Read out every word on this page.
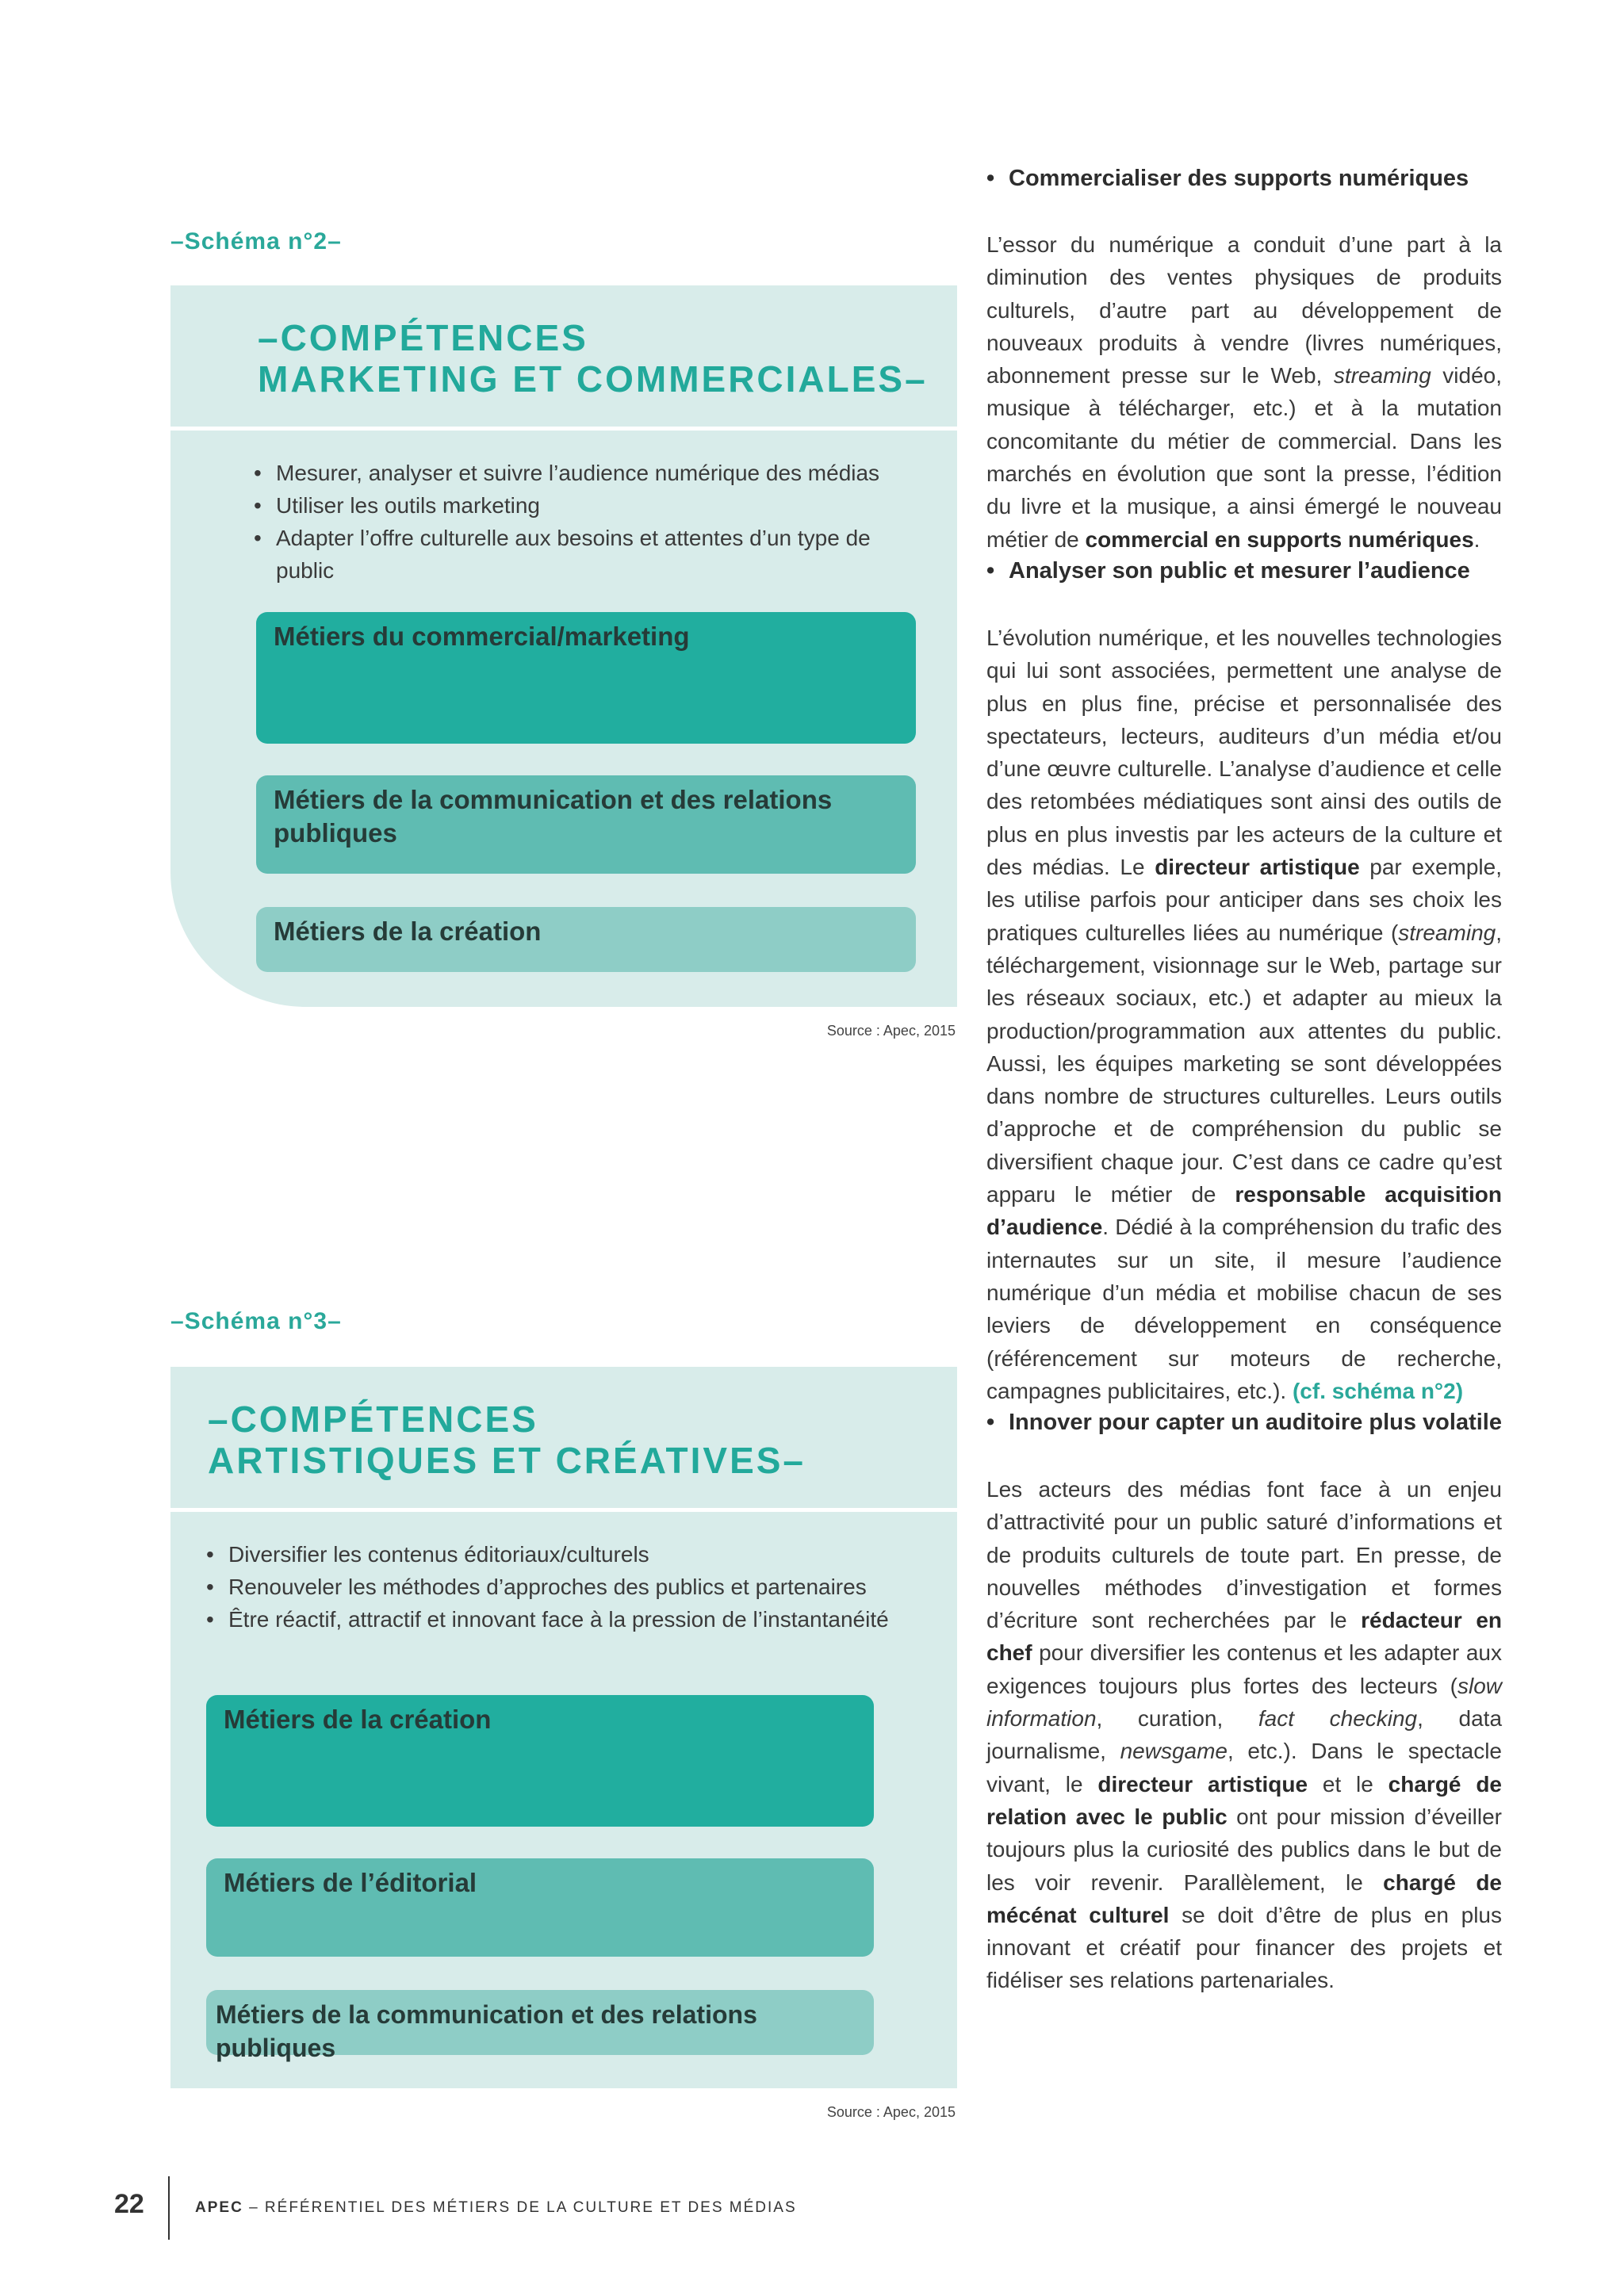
–Schéma n°2–
–COMPÉTENCES
MARKETING ET COMMERCIALES–
• Mesurer, analyser et suivre l’audience numérique des médias
• Utiliser les outils marketing
• Adapter l’offre culturelle aux besoins et attentes d’un type de public
Métiers du commercial/marketing
Métiers de la communication et des relations publiques
Métiers de la création
Source : Apec, 2015
–Schéma n°3–
–COMPÉTENCES
ARTISTIQUES ET CRÉATIVES–
• Diversifier les contenus éditoriaux/culturels
• Renouveler les méthodes d’approches des publics et partenaires
• Être réactif, attractif et innovant face à la pression de l’instantanéité
Métiers de la création
Métiers de l’éditorial
Métiers de la communication et des relations publiques
Source : Apec, 2015
• Commercialiser des supports numériques
L’essor du numérique a conduit d’une part à la diminution des ventes physiques de produits culturels, d’autre part au développement de nouveaux produits à vendre (livres numériques, abonnement presse sur le Web, streaming vidéo, musique à télécharger, etc.) et à la mutation concomitante du métier de commercial. Dans les marchés en évolution que sont la presse, l’édition du livre et la musique, a ainsi émergé le nouveau métier de commercial en supports numériques.
• Analyser son public et mesurer l’audience
L’évolution numérique, et les nouvelles technologies qui lui sont associées, permettent une analyse de plus en plus fine, précise et personnalisée des spectateurs, lecteurs, auditeurs d’un média et/ou d’une œuvre culturelle. L’analyse d’audience et celle des retombées médiatiques sont ainsi des outils de plus en plus investis par les acteurs de la culture et des médias. Le directeur artistique par exemple, les utilise parfois pour anticiper dans ses choix les pratiques culturelles liées au numérique (streaming, téléchargement, visionnage sur le Web, partage sur les réseaux sociaux, etc.) et adapter au mieux la production/programmation aux attentes du public. Aussi, les équipes marketing se sont développées dans nombre de structures culturelles. Leurs outils d’approche et de compréhension du public se diversifient chaque jour. C’est dans ce cadre qu’est apparu le métier de responsable acquisition d’audience. Dédié à la compréhension du trafic des internautes sur un site, il mesure l’audience numérique d’un média et mobilise chacun de ses leviers de développement en conséquence (référencement sur moteurs de recherche, campagnes publicitaires, etc.). (cf. schéma n°2)
• Innover pour capter un auditoire plus volatile
Les acteurs des médias font face à un enjeu d’attractivité pour un public saturé d’informations et de produits culturels de toute part. En presse, de nouvelles méthodes d’investigation et formes d’écriture sont recherchées par le rédacteur en chef pour diversifier les contenus et les adapter aux exigences toujours plus fortes des lecteurs (slow information, curation, fact checking, data journalisme, newsgame, etc.). Dans le spectacle vivant, le directeur artistique et le chargé de relation avec le public ont pour mission d’éveiller toujours plus la curiosité des publics dans le but de les voir revenir. Parallèlement, le chargé de mécénat culturel se doit d’être de plus en plus innovant et créatif pour financer des projets et fidéliser ses relations partenariales.
22	APEC – RÉFÉRENTIEL DES MÉTIERS DE LA CULTURE ET DES MÉDIAS
